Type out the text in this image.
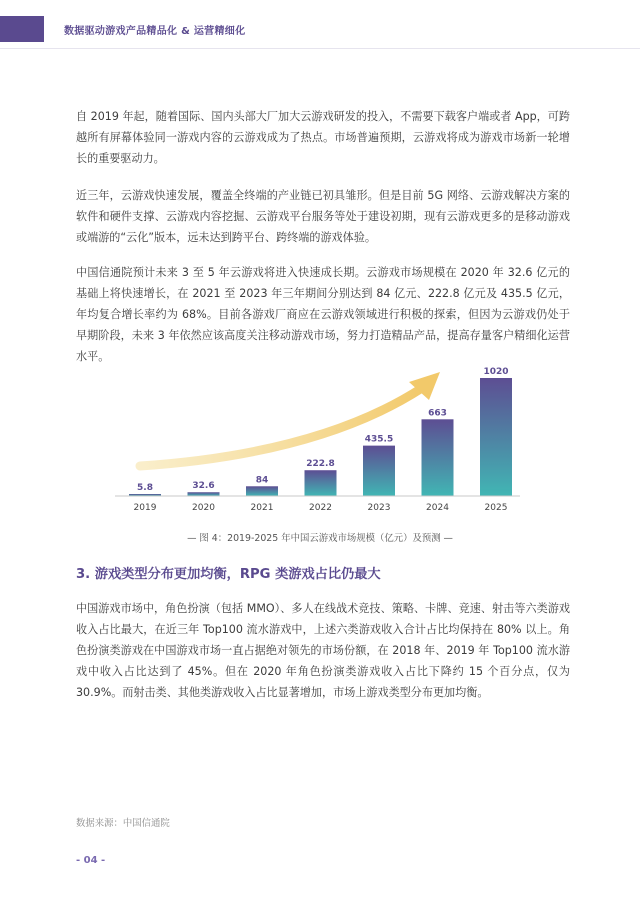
数据驱动游戏产品精品化 & 运营精细化

自 2019 年起，随着国际、国内头部大厂加大云游戏研发的投入，不需要下载客户端或者 App，可跨越所有屏幕体验同一游戏内容的云游戏成为了热点。市场普遍预期，云游戏将成为游戏市场新一轮增长的重要驱动力。

近三年，云游戏快速发展，覆盖全终端的产业链已初具雏形。但是目前 5G 网络、云游戏解决方案的软件和硬件支撑、云游戏内容挖掘、云游戏平台服务等处于建设初期，现有云游戏更多的是移动游戏或端游的“云化”版本，远未达到跨平台、跨终端的游戏体验。

中国信通院预计未来 3 至 5 年云游戏将进入快速成长期。云游戏市场规模在 2020 年 32.6 亿元的基础上将快速增长，在 2021 至 2023 年三年期间分别达到 84 亿元、222.8 亿元及 435.5 亿元，年均复合增长率约为 68%。目前各游戏厂商应在云游戏领域进行积极的探索，但因为云游戏仍处于早期阶段，未来 3 年依然应该高度关注移动游戏市场，努力打造精品产品，提高存量客户精细化运营水平。

5.8
2019
32.6
2020
84
2021
222.8
2022
435.5
2023
663
2024
1020
2025
— 图 4：2019-2025 年中国云游戏市场规模（亿元）及预测 —
3. 游戏类型分布更加均衡，RPG 类游戏占比仍最大

中国游戏市场中，角色扮演（包括 MMO）、多人在线战术竞技、策略、卡牌、竞速、射击等六类游戏收入占比最大，在近三年 Top100 流水游戏中，上述六类游戏收入合计占比均保持在 80% 以上。角色扮演类游戏在中国游戏市场一直占据绝对领先的市场份额，在 2018 年、2019 年 Top100 流水游戏中收入占比达到了 45%。但在 2020 年角色扮演类游戏收入占比下降约 15 个百分点，仅为 30.9%。而射击类、其他类游戏收入占比显著增加，市场上游戏类型分布更加均衡。

数据来源：中国信通院
- 04 -
